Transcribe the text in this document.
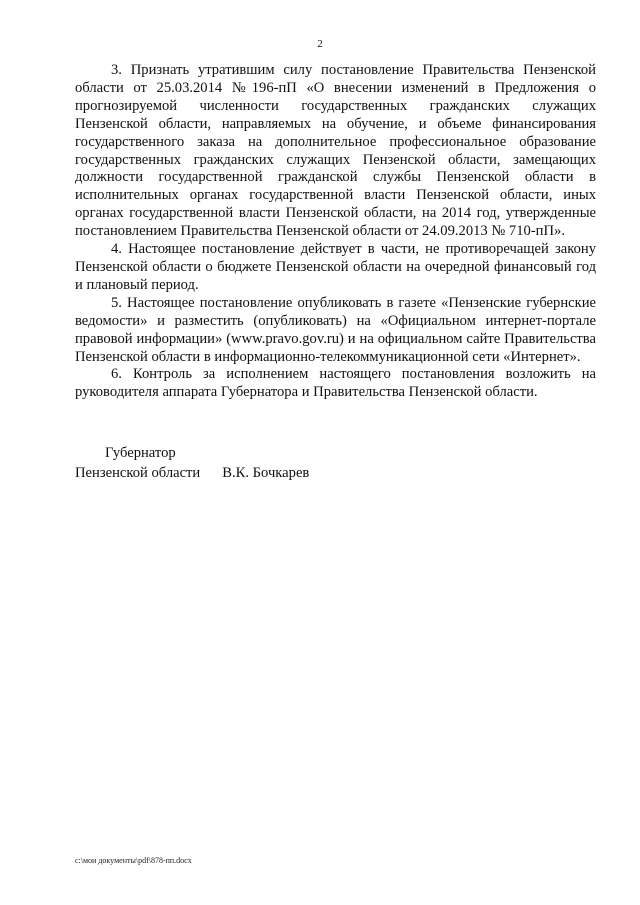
2

3. Признать утратившим силу постановление Правительства Пензенской области от 25.03.2014 №196-пП «О внесении изменений в Предложения о прогнозируемой численности государственных гражданских служащих Пензенской области, направляемых на обучение, и объеме финансирования государственного заказа на дополнительное профессиональное образование государственных гражданских служащих Пензенской области, замещающих должности государственной гражданской службы Пензенской области в исполнительных органах государственной власти Пензенской области, иных органах государственной власти Пензенской области, на 2014 год, утвержденные постановлением Правительства Пензенской области от 24.09.2013 № 710-пП».

4. Настоящее постановление действует в части, не противоречащей закону Пензенской области о бюджете Пензенской области на очередной финансовый год и плановый период.

5. Настоящее постановление опубликовать в газете «Пензенские губернские ведомости» и разместить (опубликовать) на «Официальном интернет-портале правовой информации» (www.pravo.gov.ru) и на официальном сайте Правительства Пензенской области в информационно-телекоммуникационной сети «Интернет».

6. Контроль за исполнением настоящего постановления возложить на руководителя аппарата Губернатора и Правительства Пензенской области.

Губернатор
Пензенской области В.К. Бочкарев
c:\мои документы\pdf\878-пп.docx
